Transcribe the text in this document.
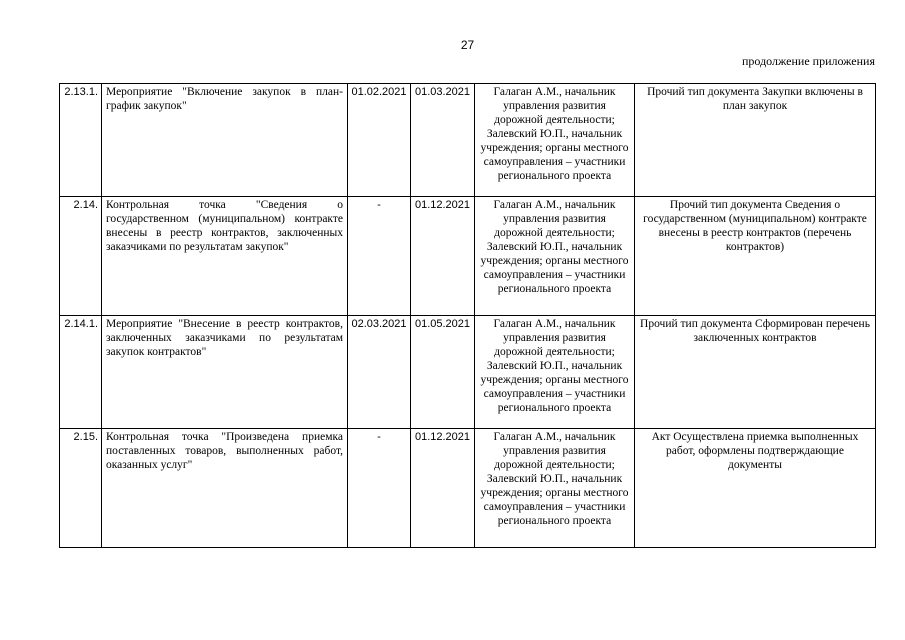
27
продолжение приложения
2.13.1.	Мероприятие "Включение закупок в план-график закупок"	01.02.2021	01.03.2021	Галаган А.М., начальник управления развития дорожной деятельности; Залевский Ю.П., начальник учреждения; органы местного самоуправления – участники регионального проекта	Прочий тип документа Закупки включены в план закупок
2.14.	Контрольная точка "Сведения о государственном (муниципальном) контракте внесены в реестр контрактов, заключенных заказчиками по результатам закупок"	-	01.12.2021	Галаган А.М., начальник управления развития дорожной деятельности; Залевский Ю.П., начальник учреждения; органы местного самоуправления – участники регионального проекта	Прочий тип документа Сведения о государственном (муниципальном) контракте внесены в реестр контрактов (перечень контрактов)
2.14.1.	Мероприятие "Внесение в реестр контрактов, заключенных заказчиками по результатам закупок контрактов"	02.03.2021	01.05.2021	Галаган А.М., начальник управления развития дорожной деятельности; Залевский Ю.П., начальник учреждения; органы местного самоуправления – участники регионального проекта	Прочий тип документа Сформирован перечень заключенных контрактов
2.15.	Контрольная точка "Произведена приемка поставленных товаров, выполненных работ, оказанных услуг"	-	01.12.2021	Галаган А.М., начальник управления развития дорожной деятельности; Залевский Ю.П., начальник учреждения; органы местного самоуправления – участники регионального проекта	Акт Осуществлена приемка выполненных работ, оформлены подтверждающие документы
